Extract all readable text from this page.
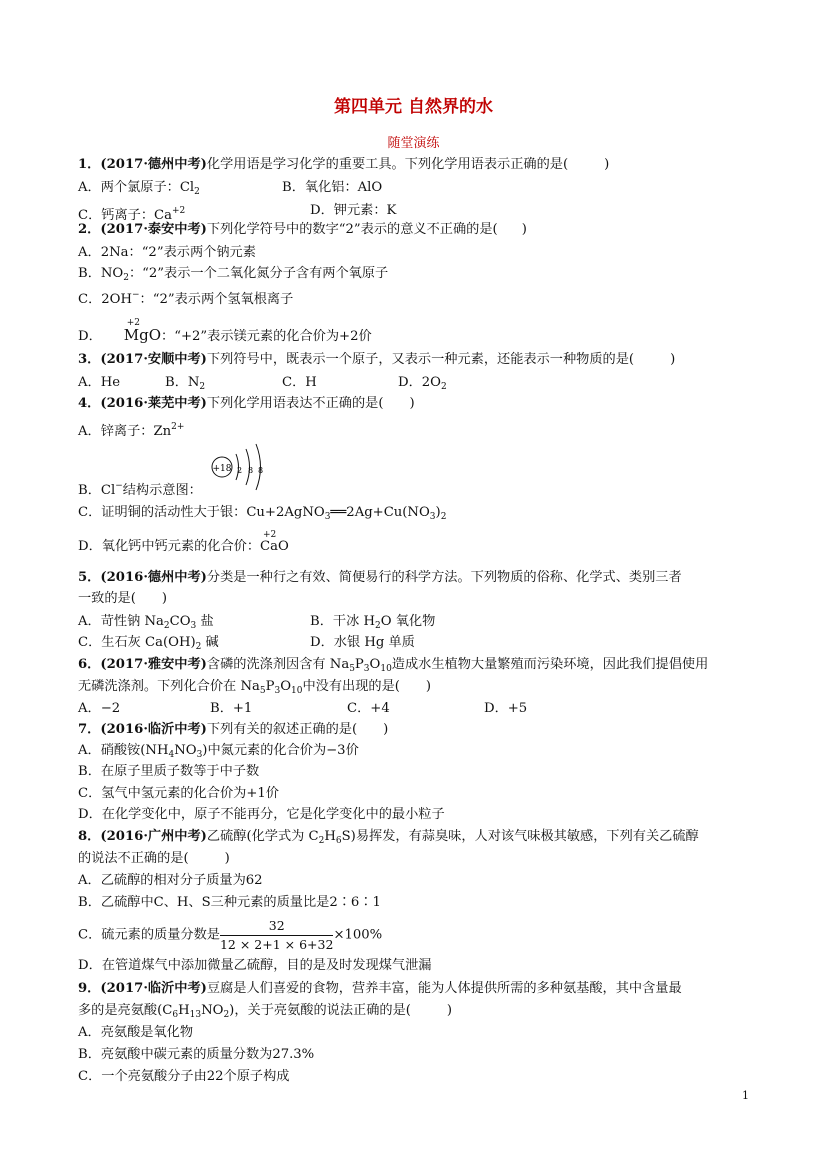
第四单元 自然界的水
随堂演练
1．(2017·德州中考)化学用语是学习化学的重要工具。下列化学用语表示正确的是(	)
A．两个氯原子：$Cl_2$	B．氧化铝：AlO
C．钙离子：$Ca^{+2}$	D．钾元素：K
2．(2017·泰安中考)下列化学符号中的数字“2”表示的意义不正确的是( )
A．2Na：“2”表示两个钠元素
B．$NO_2$：“2”表示一个二氧化氮分子含有两个氧原子
C．2OH−：“2”表示两个氢氧根离子
D．
+2
MgO：“+2”表示镁元素的化合价为+2价
3．(2017·安顺中考)下列符号中，既表示一个原子，又表示一种元素，还能表示一种物质的是(	)
A．He	B．$N_2$	C．H	D．$2O_2$
4．(2016·莱芜中考)下列化学用语表达不正确的是( )
A．锌离子：$Zn^{2+}$
B．Cl−结构示意图：
+18 2 8 8
C．证明铜的活动性大于银：$Cu+2AgNO_3══2Ag+Cu(NO_3)_2$
D．氧化钙中钙元素的化合价：
+2
CaO
5．(2016·德州中考)分类是一种行之有效、简便易行的科学方法。下列物质的俗称、化学式、类别三者
一致的是( )
A．苛性钠 $Na_2CO_3$ 盐	B．干冰 $H_2O$ 氧化物
C．生石灰 $Ca(OH)_2$ 碱	D．水银 Hg 单质
6．(2017·雅安中考)含磷的洗涤剂因含有 $Na_5P_3O_{10}$造成水生植物大量繁殖而污染环境，因此我们提倡使用
无磷洗涤剂。下列化合价在 $Na_5P_3O_{10}$中没有出现的是( )
A．−2	B．+1	C．+4	D．+5
7．(2016·临沂中考)下列有关的叙述正确的是( )
A．硝酸铵$(NH_4NO_3)$中氮元素的化合价为−3价
B．在原子里质子数等于中子数
C．氢气中氢元素的化合价为+1价
D．在化学变化中，原子不能再分，它是化学变化中的最小粒子
8．(2016·广州中考)乙硫醇(化学式为 $C_2H_6S$)易挥发，有蒜臭味，人对该气味极其敏感，下列有关乙硫醇
的说法不正确的是(	)
A．乙硫醇的相对分子质量为62
B．乙硫醇中C、H、S三种元素的质量比是2∶6∶1
C．硫元素的质量分数是 $\frac{32}{12 \times 2+1 \times 6+32} \times 100\%$
D．在管道煤气中添加微量乙硫醇，目的是及时发现煤气泄漏
9．(2017·临沂中考)豆腐是人们喜爱的食物，营养丰富，能为人体提供所需的多种氨基酸，其中含量最
多的是亮氨酸$(C_6H_{13}NO_2)$，关于亮氨酸的说法正确的是(	)
A．亮氨酸是氧化物
B．亮氨酸中碳元素的质量分数为27.3%
C．一个亮氨酸分子由22个原子构成
1
